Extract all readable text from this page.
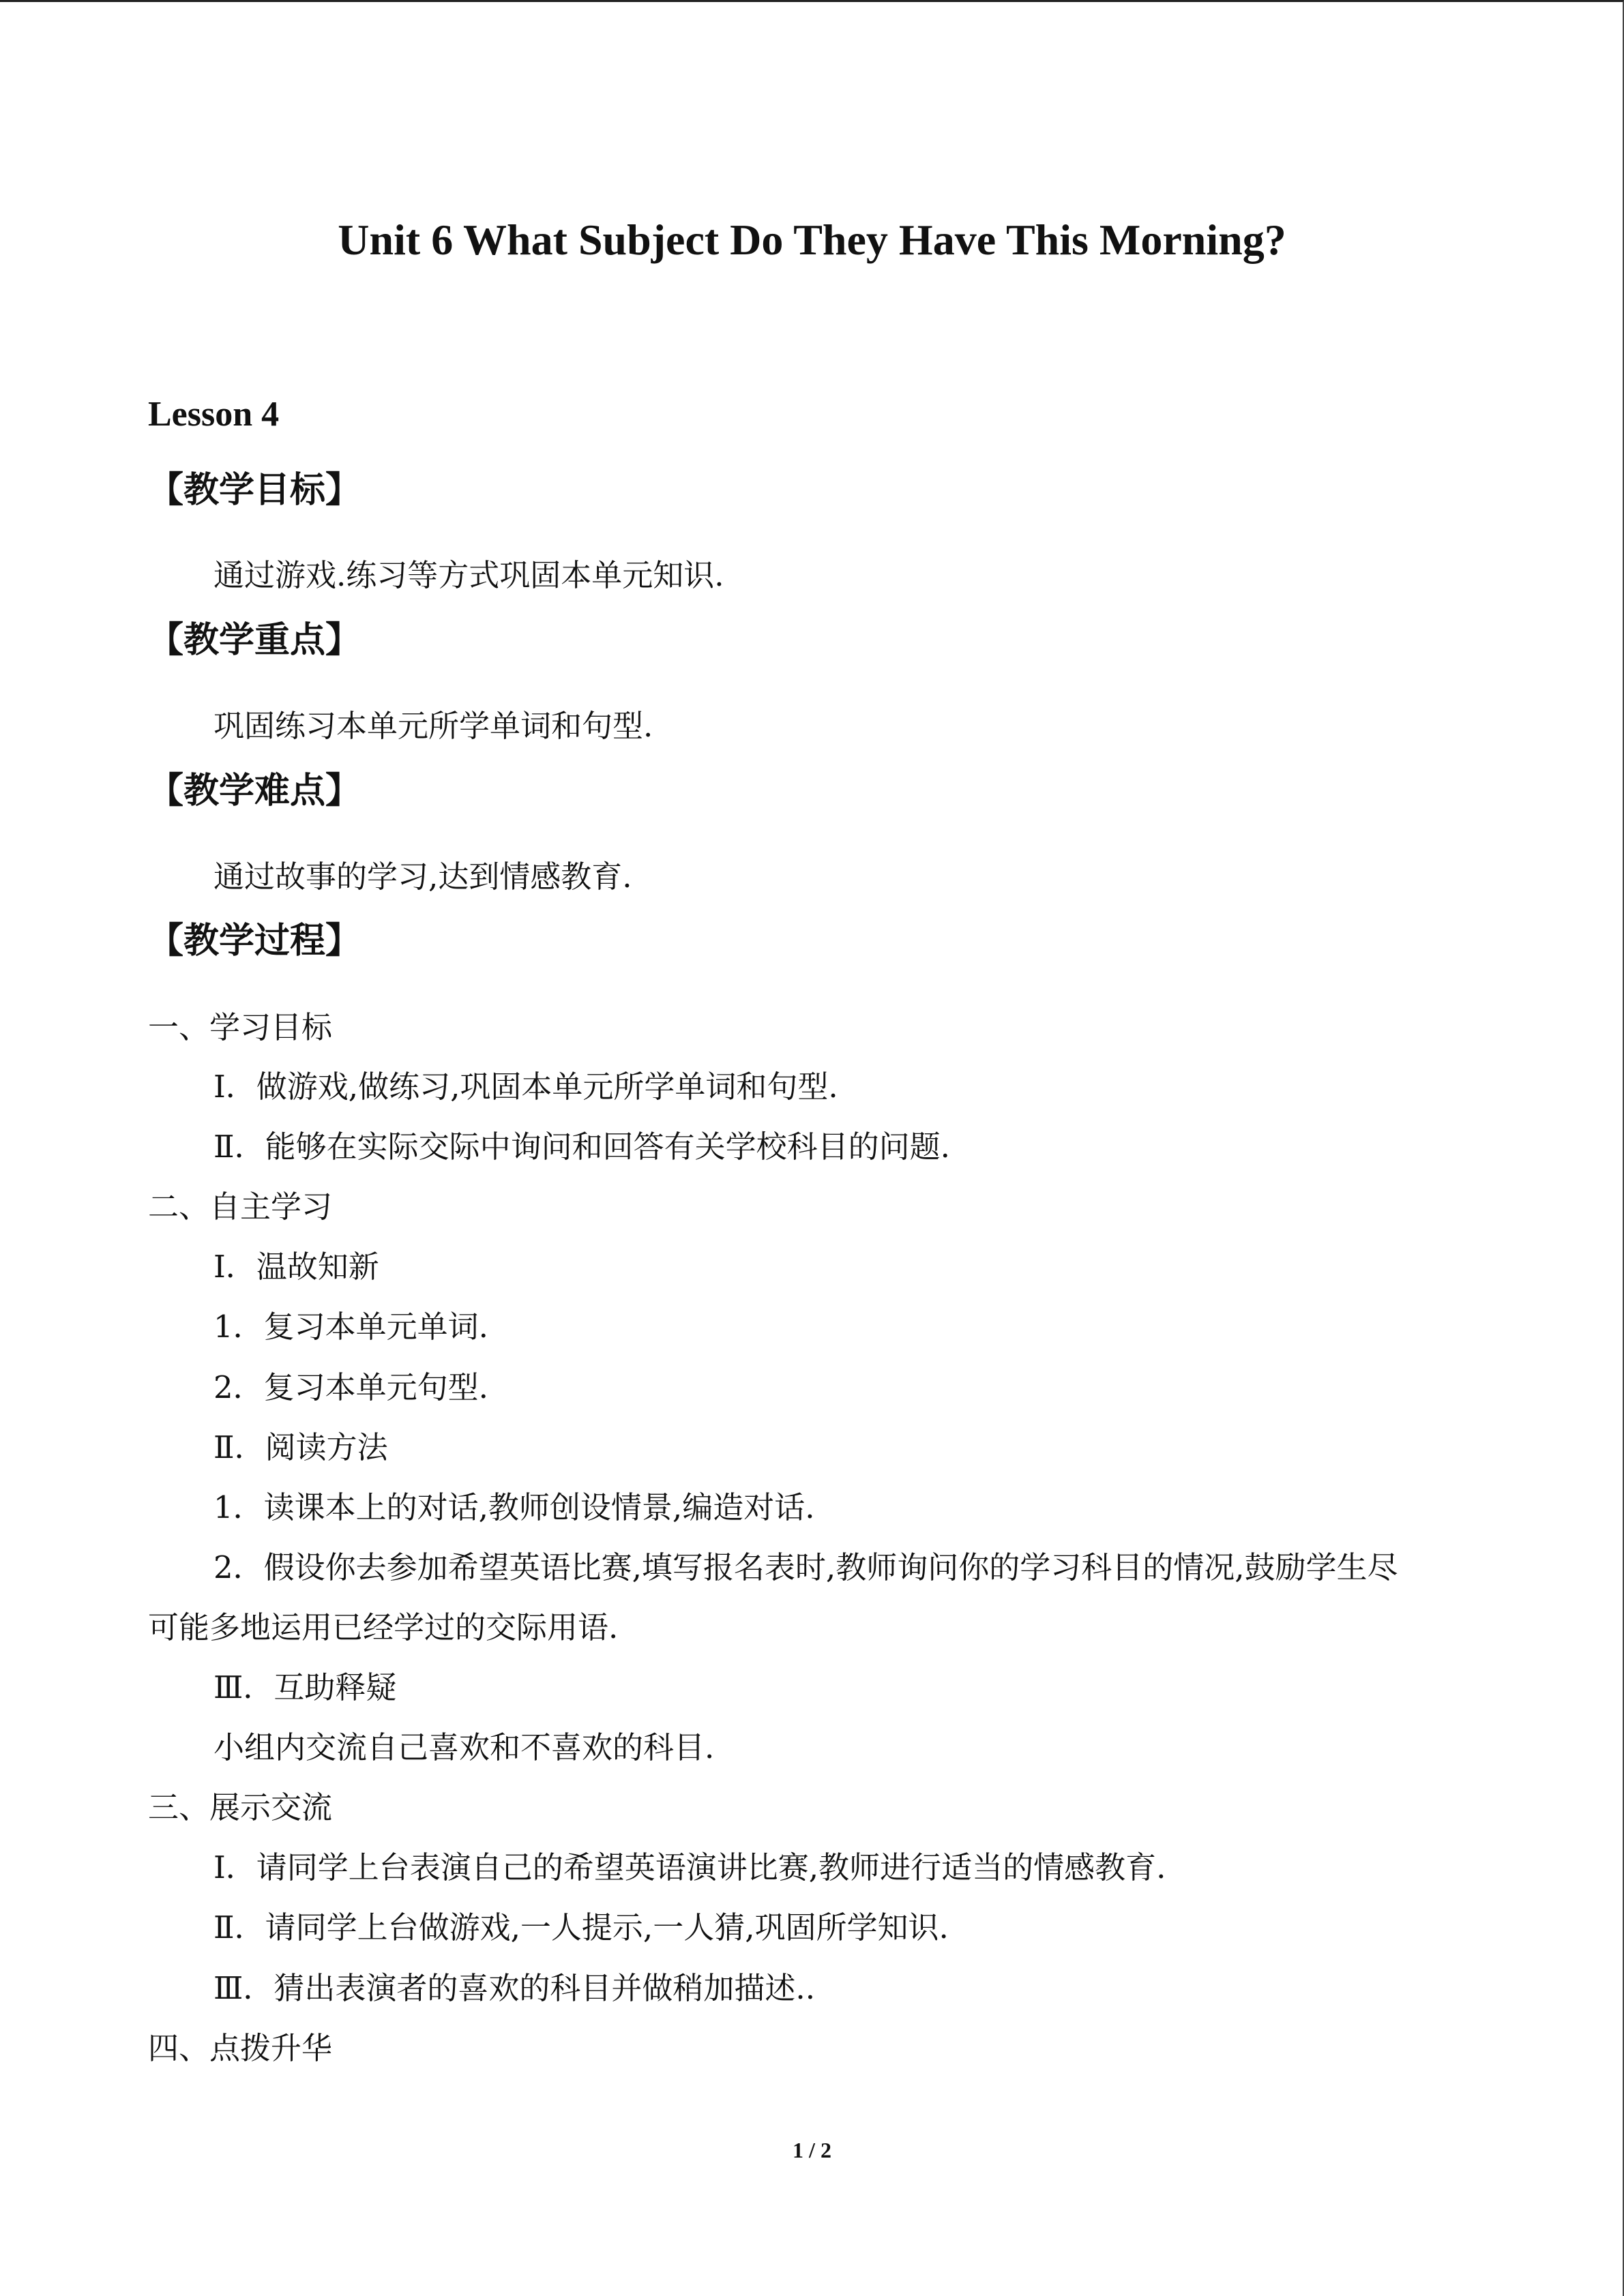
Unit 6 What Subject Do They Have This Morning?
Lesson 4
【教学目标】

通过游戏.练习等方式巩固本单元知识.

【教学重点】

巩固练习本单元所学单词和句型.

【教学难点】

通过故事的学习,达到情感教育.

【教学过程】

一、学习目标

Ⅰ．做游戏,做练习,巩固本单元所学单词和句型.

Ⅱ．能够在实际交际中询问和回答有关学校科目的问题.

二、自主学习

Ⅰ．温故知新

1．复习本单元单词.

2．复习本单元句型.

Ⅱ．阅读方法

1．读课本上的对话,教师创设情景,编造对话.

2．假设你去参加希望英语比赛,填写报名表时,教师询问你的学习科目的情况,鼓励学生尽

可能多地运用已经学过的交际用语.

Ⅲ．互助释疑

小组内交流自己喜欢和不喜欢的科目.

三、展示交流

Ⅰ．请同学上台表演自己的希望英语演讲比赛,教师进行适当的情感教育.

Ⅱ．请同学上台做游戏,一人提示,一人猜,巩固所学知识.

Ⅲ．猜出表演者的喜欢的科目并做稍加描述..

四、点拨升华

1 / 2
